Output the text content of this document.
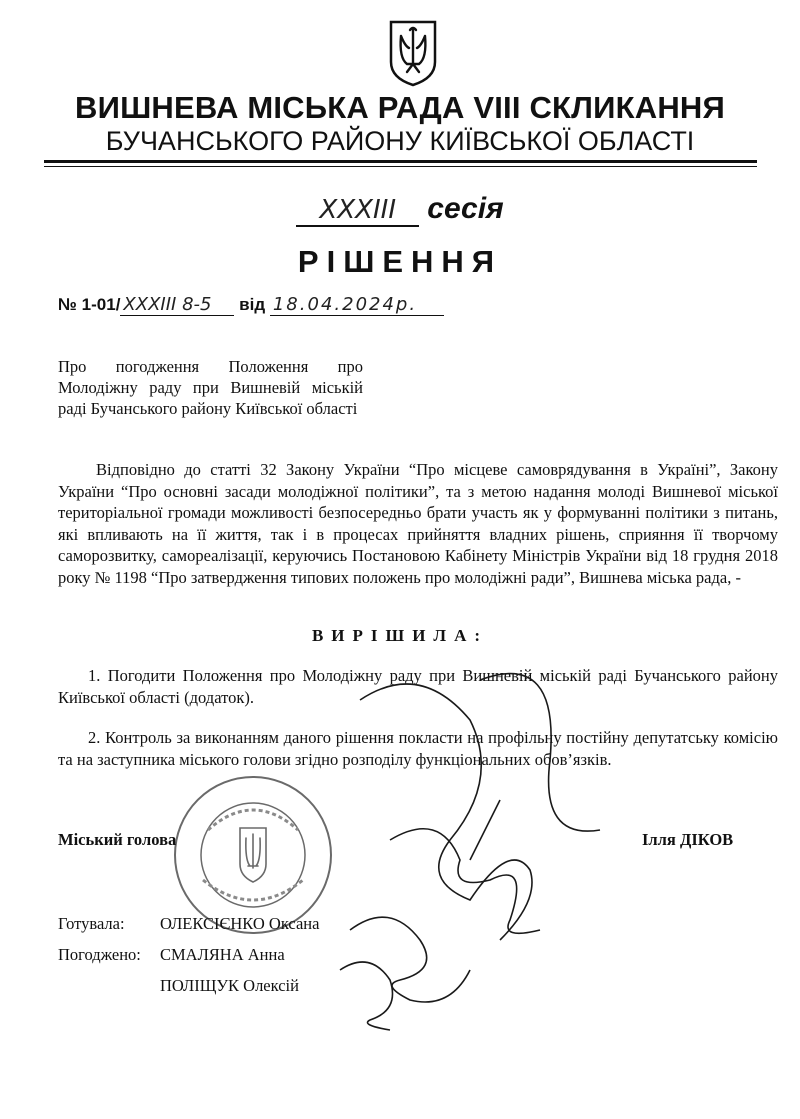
ВИШНЕВА МІСЬКА РАДА VIII СКЛИКАННЯ
БУЧАНСЬКОГО РАЙОНУ КИЇВСЬКОЇ ОБЛАСТІ
XXXIII сесія
РІШЕННЯ
№ 1-01/ XXXIII 8-5 від 18.04.2024р.
Про погодження Положення про Молодіжну раду при Вишневій міській раді Бучанського району Київської області
Відповідно до статті 32 Закону України “Про місцеве самоврядування в Україні”, Закону України “Про основні засади молодіжної політики”, та з метою надання молоді Вишневої міської територіальної громади можливості безпосередньо брати участь як у формуванні політики з питань, які впливають на її життя, так і в процесах прийняття владних рішень, сприяння її творчому саморозвитку, самореалізації, керуючись Постановою Кабінету Міністрів України від 18 грудня 2018 року № 1198 “Про затвердження типових положень про молодіжні ради”, Вишнева міська рада, -
ВИРІШИЛА:
1. Погодити Положення про Молодіжну раду при Вишневій міській раді Бучанського району Київської області (додаток).
2. Контроль за виконанням даного рішення покласти на профільну постійну депутатську комісію та на заступника міського голови згідно розподілу функціональних обов’язків.
Міський голова	Ілля ДІКОВ
Готувала: ОЛЕКСІЄНКО Оксана
Погоджено: СМАЛЯНА Анна
ПОЛІЩУК Олексій
